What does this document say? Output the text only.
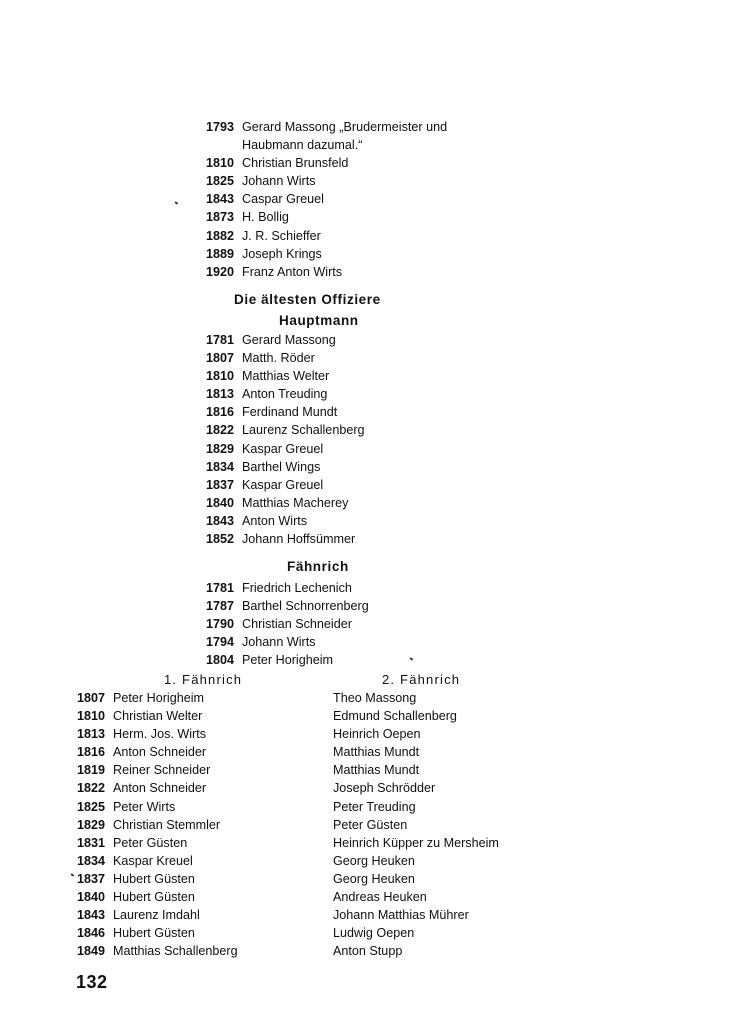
1793 Gerard Massong „Brudermeister und
Haubmann dazumal.“
1810 Christian Brunsfeld
1825 Johann Wirts
1843 Caspar Greuel
1873 H. Bollig
1882 J. R. Schieffer
1889 Joseph Krings
1920 Franz Anton Wirts
Die ältesten Offiziere
Hauptmann
1781 Gerard Massong
1807 Matth. Röder
1810 Matthias Welter
1813 Anton Treuding
1816 Ferdinand Mundt
1822 Laurenz Schallenberg
1829 Kaspar Greuel
1834 Barthel Wings
1837 Kaspar Greuel
1840 Matthias Macherey
1843 Anton Wirts
1852 Johann Hoffsümmer
Fähnrich
1781 Friedrich Lechenich
1787 Barthel Schnorrenberg
1790 Christian Schneider
1794 Johann Wirts
1804 Peter Horigheim
1. Fähnrich	2. Fähnrich
1807 Peter Horigheim
1810 Christian Welter
1813 Herm. Jos. Wirts
1816 Anton Schneider
1819 Reiner Schneider
1822 Anton Schneider
1825 Peter Wirts
1829 Christian Stemmler
1831 Peter Güsten
1834 Kaspar Kreuel
1837 Hubert Güsten
1840 Hubert Güsten
1843 Laurenz Imdahl
1846 Hubert Güsten
1849 Matthias Schallenberg
Theo Massong
Edmund Schallenberg
Heinrich Oepen
Matthias Mundt
Matthias Mundt
Joseph Schrödder
Peter Treuding
Peter Güsten
Heinrich Küpper zu Mersheim
Georg Heuken
Georg Heuken
Andreas Heuken
Johann Matthias Mührer
Ludwig Oepen
Anton Stupp
132
